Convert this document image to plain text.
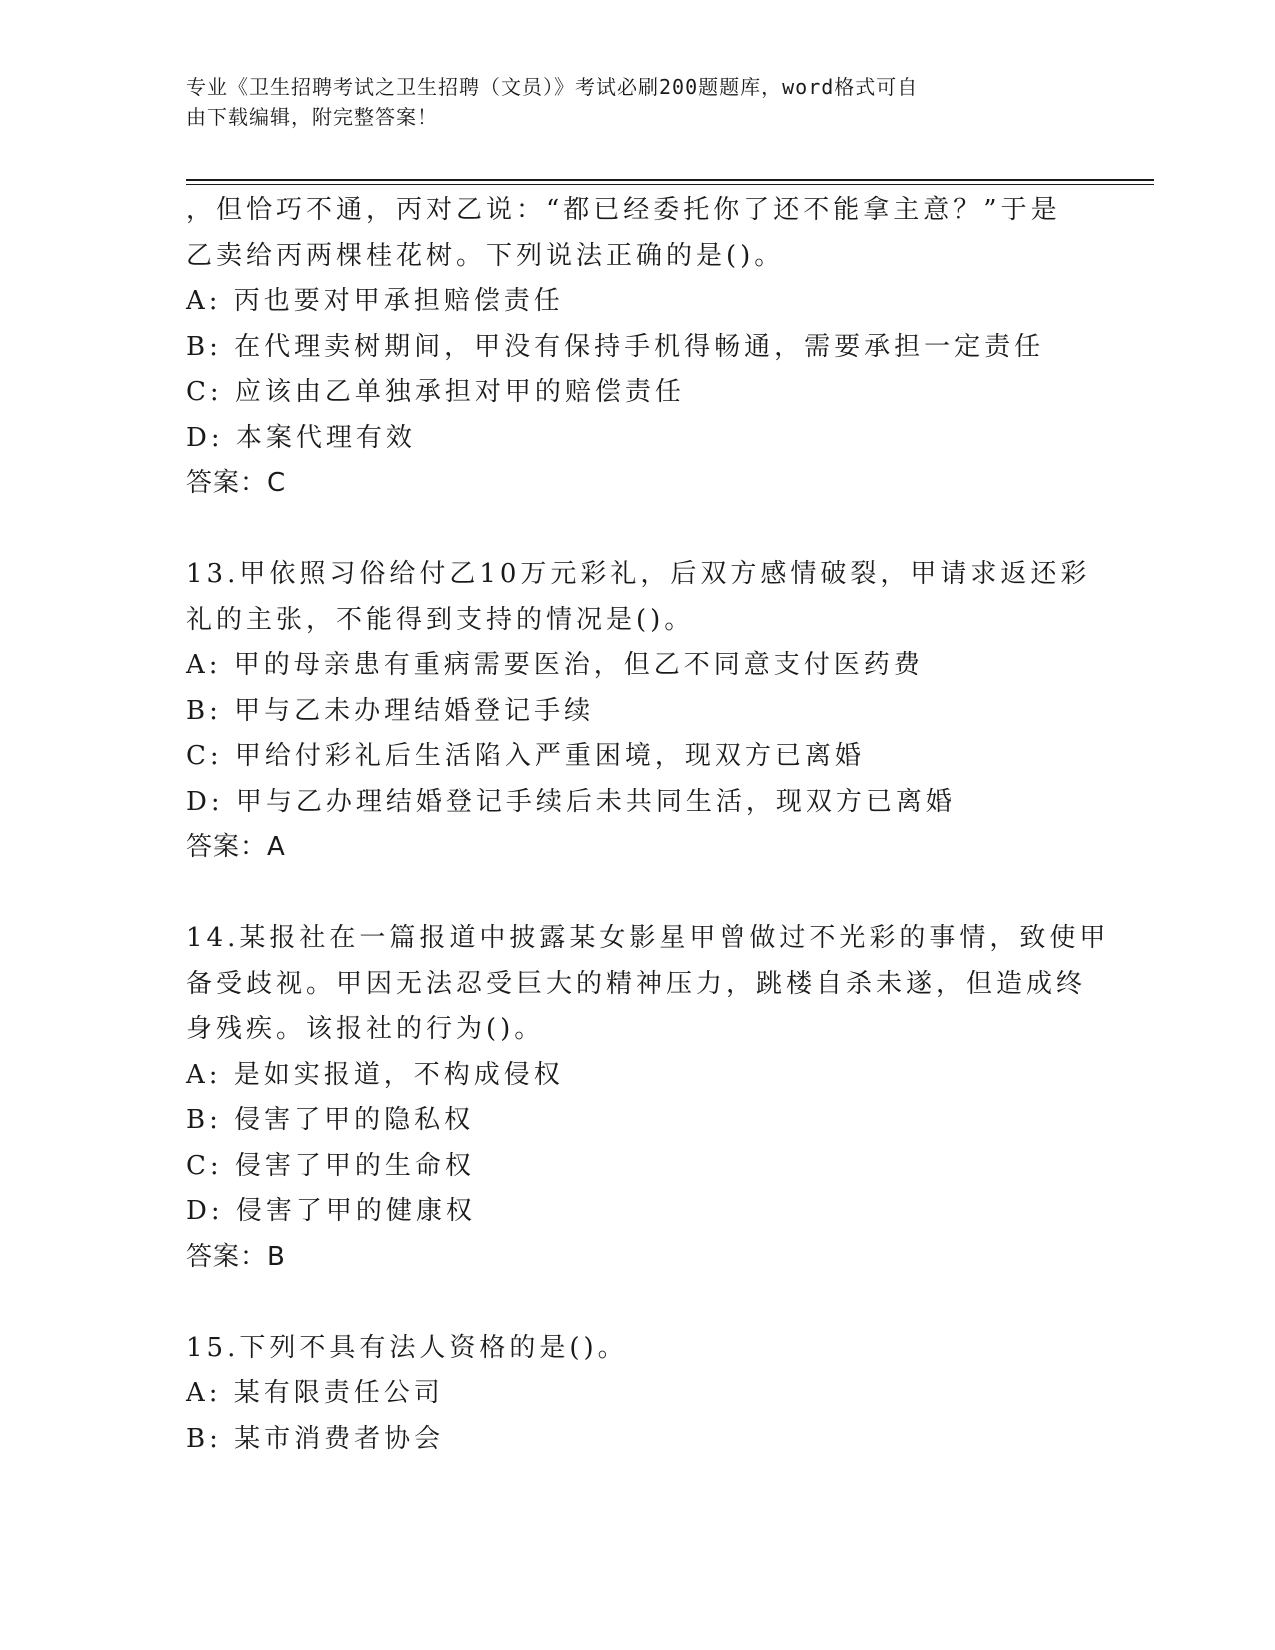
专业《卫生招聘考试之卫生招聘（文员）》考试必刷200题题库，word格式可自
由下载编辑，附完整答案！
，但恰巧不通，丙对乙说：“都已经委托你了还不能拿主意？”于是
乙卖给丙两棵桂花树。下列说法正确的是()。
A: 丙也要对甲承担赔偿责任
B: 在代理卖树期间，甲没有保持手机得畅通，需要承担一定责任
C: 应该由乙单独承担对甲的赔偿责任
D: 本案代理有效
答案：C
13.甲依照习俗给付乙10万元彩礼，后双方感情破裂，甲请求返还彩
礼的主张，不能得到支持的情况是()。
A: 甲的母亲患有重病需要医治，但乙不同意支付医药费
B: 甲与乙未办理结婚登记手续
C: 甲给付彩礼后生活陷入严重困境，现双方已离婚
D: 甲与乙办理结婚登记手续后未共同生活，现双方已离婚
答案：A
14.某报社在一篇报道中披露某女影星甲曾做过不光彩的事情，致使甲
备受歧视。甲因无法忍受巨大的精神压力，跳楼自杀未遂，但造成终
身残疾。该报社的行为()。
A: 是如实报道，不构成侵权
B: 侵害了甲的隐私权
C: 侵害了甲的生命权
D: 侵害了甲的健康权
答案：B
15.下列不具有法人资格的是()。
A: 某有限责任公司
B: 某市消费者协会
